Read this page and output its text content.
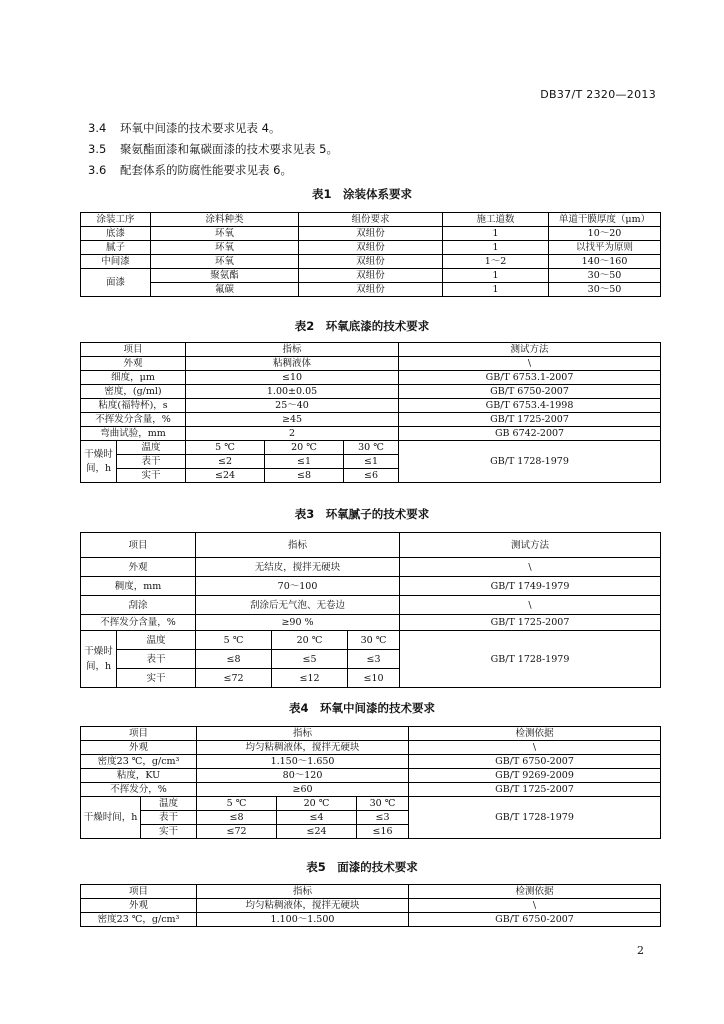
DB37/T 2320—2013
3.4 环氧中间漆的技术要求见表 4。
3.5 聚氨酯面漆和氟碳面漆的技术要求见表 5。
3.6 配套体系的防腐性能要求见表 6。
表1　涂装体系要求
涂装工序	涂料种类	组份要求	施工道数	单道干膜厚度（μm）
底漆	环氧	双组份	1	10～20
腻子	环氧	双组份	1	以找平为原则
中间漆	环氧	双组份	1～2	140～160
面漆	聚氨酯	双组份	1	30～50
	氟碳	双组份	1	30～50
表2　环氧底漆的技术要求
项目		指标			测试方法
外观		粘稠液体			\
细度，μm		≤10			GB/T 6753.1-2007
密度，(g/ml)		1.00±0.05			GB/T 6750-2007
粘度(福特杯)，s		25～40			GB/T 6753.4-1998
不挥发分含量，%		≥45			GB/T 1725-2007
弯曲试验，mm		2			GB 6742-2007
干燥时间，h	温度	5 ℃	20 ℃	30 ℃	GB/T 1728-1979
	表干	≤2	≤1	≤1	
	实干	≤24	≤8	≤6	
表3　环氧腻子的技术要求
项目		指标			测试方法
外观		无结皮，搅拌无硬块			\
稠度，mm		70～100			GB/T 1749-1979
刮涂		刮涂后无气泡、无卷边			\
不挥发分含量，%		≥90 %			GB/T 1725-2007
干燥时间，h	温度	5 ℃	20 ℃	30 ℃	GB/T 1728-1979
	表干	≤8	≤5	≤3	
	实干	≤72	≤12	≤10	
表4　环氧中间漆的技术要求
项目		指标			检测依据
外观		均匀粘稠液体，搅拌无硬块			\
密度23 ℃，g/cm³		1.150～1.650			GB/T 6750-2007
粘度，KU		80～120			GB/T 9269-2009
不挥发分，%		≥60			GB/T 1725-2007
干燥时间，h	温度	5 ℃	20 ℃	30 ℃	GB/T 1728-1979
	表干	≤8	≤4	≤3	
	实干	≤72	≤24	≤16	
表5　面漆的技术要求
项目	指标	检测依据
外观	均匀粘稠液体，搅拌无硬块	\
密度23 ℃，g/cm³	1.100～1.500	GB/T 6750-2007
2
